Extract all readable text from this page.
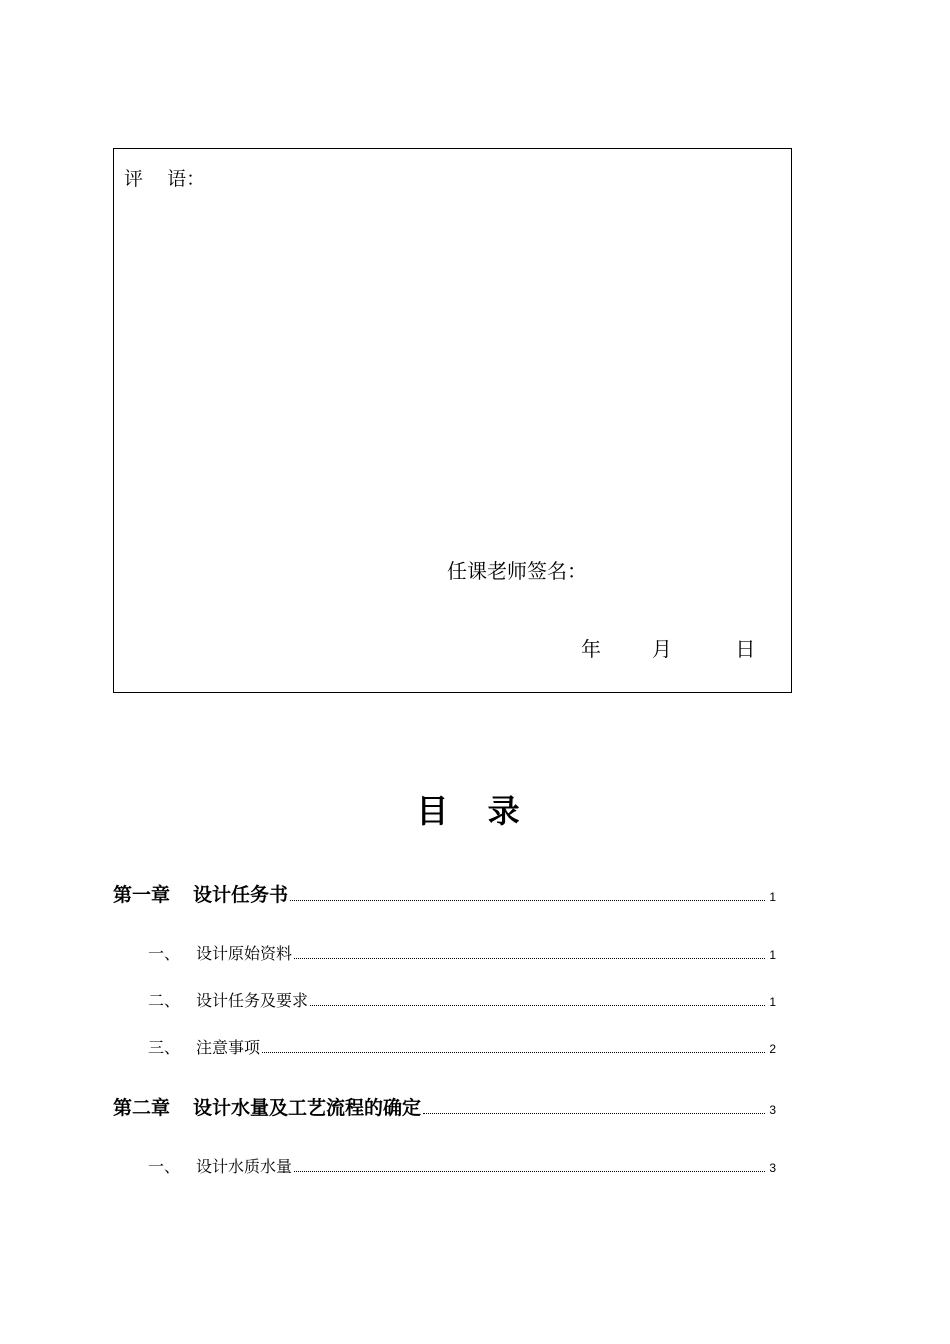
评    语：
任课老师签名：
年        月          日
目 录
第一章	设计任务书	1
一、 设计原始资料	1
二、 设计任务及要求	1
三、 注意事项	2
第二章	设计水量及工艺流程的确定	3
一、 设计水质水量	3
